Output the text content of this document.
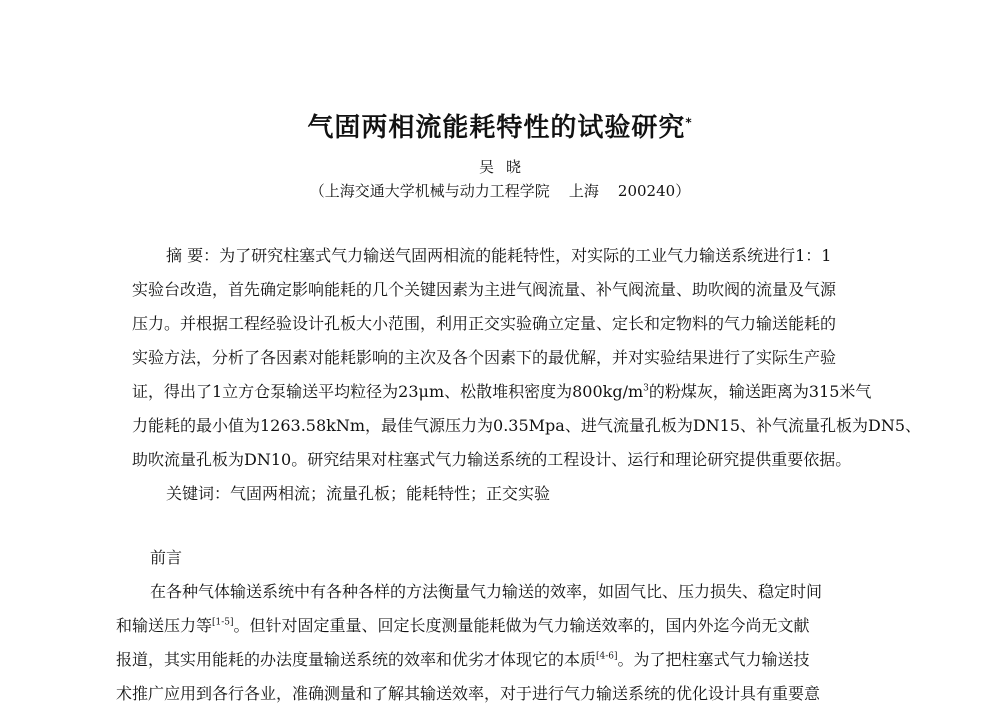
气固两相流能耗特性的试验研究*
吴晓
（上海交通大学机械与动力工程学院    上海    200240）
摘 要：为了研究柱塞式气力输送气固两相流的能耗特性，对实际的工业气力输送系统进行1：1
实验台改造，首先确定影响能耗的几个关键因素为主进气阀流量、补气阀流量、助吹阀的流量及气源
压力。并根据工程经验设计孔板大小范围，利用正交实验确立定量、定长和定物料的气力输送能耗的
实验方法，分析了各因素对能耗影响的主次及各个因素下的最优解，并对实验结果进行了实际生产验
证，得出了1立方仓泵输送平均粒径为23μm、松散堆积密度为$800kg/m^3$的粉煤灰，输送距离为315米气
力能耗的最小值为1263.58kNm，最佳气源压力为0.35Mpa、进气流量孔板为DN15、补气流量孔板为DN5、
助吹流量孔板为DN10。研究结果对柱塞式气力输送系统的工程设计、运行和理论研究提供重要依据。
关键词：气固两相流；流量孔板；能耗特性；正交实验
前言
在各种气体输送系统中有各种各样的方法衡量气力输送的效率，如固气比、压力损失、稳定时间
和输送压力等[1-5]。但针对固定重量、回定长度测量能耗做为气力输送效率的，国内外迄今尚无文献
报道，其实用能耗的办法度量输送系统的效率和优劣才体现它的本质[4-6]。为了把柱塞式气力输送技
术推广应用到各行各业，准确测量和了解其输送效率，对于进行气力输送系统的优化设计具有重要意
